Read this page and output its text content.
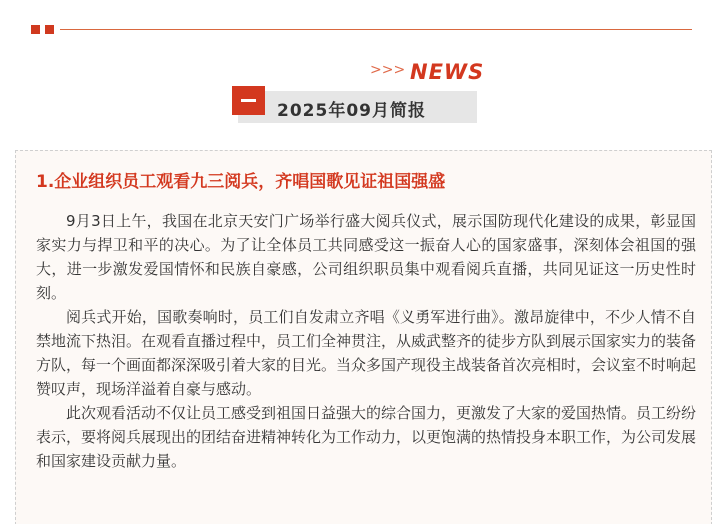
>>> NEWS
2025年09月简报
1.企业组织员工观看九三阅兵，齐唱国歌见证祖国强盛

9月3日上午，我国在北京天安门广场举行盛大阅兵仪式，展示国防现代化建设的成果，彰显国家实力与捍卫和平的决心。为了让全体员工共同感受这一振奋人心的国家盛事，深刻体会祖国的强大，进一步激发爱国情怀和民族自豪感，公司组织职员集中观看阅兵直播，共同见证这一历史性时刻。

阅兵式开始，国歌奏响时，员工们自发肃立齐唱《义勇军进行曲》。激昂旋律中，不少人情不自禁地流下热泪。在观看直播过程中，员工们全神贯注，从威武整齐的徒步方队到展示国家实力的装备方队，每一个画面都深深吸引着大家的目光。当众多国产现役主战装备首次亮相时，会议室不时响起赞叹声，现场洋溢着自豪与感动。

此次观看活动不仅让员工感受到祖国日益强大的综合国力，更激发了大家的爱国热情。员工纷纷表示，要将阅兵展现出的团结奋进精神转化为工作动力，以更饱满的热情投身本职工作，为公司发展和国家建设贡献力量。
